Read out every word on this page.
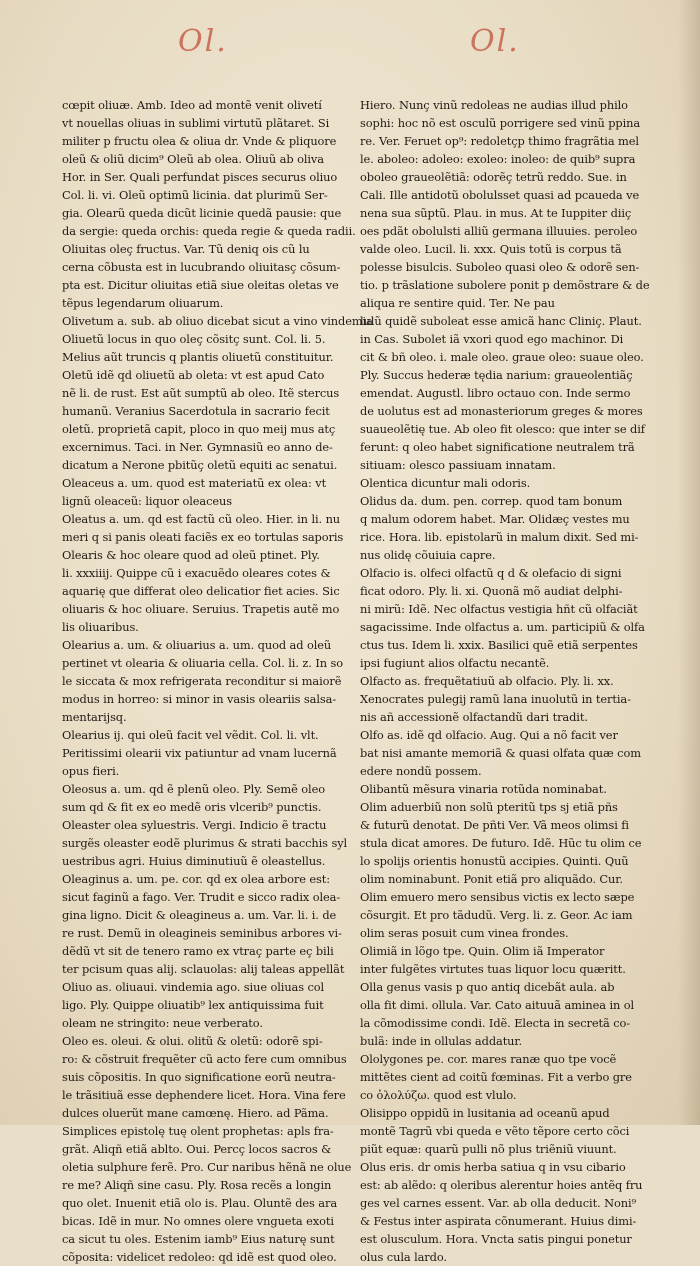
Ol.	Ol.
cœpit oliuæ. Amb. Ideo ad montẽ venit olivetí
vt nouellas oliuas in sublimi virtutũ plãtaret. Si
militer p fructu olea & oliua dr. Vnde & pliquore
oleũ & oliũ dicim⁹ Oleũ ab olea. Oliuũ ab oliva
Hor. in Ser. Quali perfundat pisces securus oliuo
Col. li. vi. Oleũ optimũ licinia. dat plurimũ Ser-
gia. Olearũ queda dicũt licinie quedã pausie: que
da sergie: queda orchis: queda regie & queda radii.
Oliuitas oleç fructus. Var. Tũ deniq ois cũ lu
cerna cõbusta est in lucubrando oliuitasç cõsum-
pta est. Dicitur oliuitas etiã siue oleitas oletas ve
tẽpus legendarum oliuarum.
Olivetum a. sub. ab oliuo dicebat sicut a vino vindemia
Oliuetũ locus in quo oleç cõsitç sunt. Col. li. 5.
Melius aũt truncis q plantis oliuetũ constituitur.
Oletũ idẽ qd oliuetũ ab oleta: vt est apud Cato
nẽ li. de rust. Est aũt sumptũ ab oleo. Itẽ stercus
humanũ. Veranius Sacerdotula in sacrario fecit
oletũ. proprietã capit, ploco in quo meij mus atç
excernimus. Taci. in Ner. Gymnasiũ eo anno de-
dicatum a Nerone pbitũç oletũ equiti ac senatui.
Oleaceus a. um. quod est materiatũ ex olea: vt
lignũ oleaceũ: liquor oleaceus
Oleatus a. um. qd est factũ cũ oleo. Hier. in li. nu
meri q si panis oleati faciẽs ex eo tortulas saporis
Olearis & hoc oleare quod ad oleũ ptinet. Ply.
li. xxxiiij. Quippe cũ i exacuẽdo oleares cotes &
aquarię que differat oleo delicatior fiet acies. Sic
oliuaris & hoc oliuare. Seruius. Trapetis autẽ mo
lis oliuaribus.
Olearius a. um. & oliuarius a. um. quod ad oleũ
pertinet vt olearia & oliuaria cella. Col. li. z. In so
le siccata & mox refrigerata reconditur si maiorẽ
modus in horreo: si minor in vasis oleariis salsa-
mentarijsq.
Olearius ij. qui oleũ facit vel vẽdit. Col. li. vlt.
Peritissimi olearii vix patiuntur ad vnam lucernã
opus fieri.
Oleosus a. um. qd ẽ plenũ oleo. Ply. Semẽ oleo
sum qd & fit ex eo medẽ oris vlcerib⁹ punctis.
Oleaster olea syluestris. Vergi. Indicio ẽ tractu
surgẽs oleaster eodẽ plurimus & strati bacchis syl
uestribus agri. Huius diminutiuũ ẽ oleastellus.
Oleaginus a. um. pe. cor. qd ex olea arbore est:
sicut faginũ a fago. Ver. Trudit e sicco radix olea-
gina ligno. Dicit & oleagineus a. um. Var. li. i. de
re rust. Demũ in oleagineis seminibus arbores vi-
dẽdũ vt sit de tenero ramo ex vtraç parte eç bili
ter pcisum quas alij. sclauolas: alij taleas appellãt
Oliuo as. oliuaui. vindemia ago. siue oliuas col
ligo. Ply. Quippe oliuatib⁹ lex antiquissima fuit
oleam ne stringito: neue verberato.
Oleo es. oleui. & olui. olitũ & oletũ: odorẽ spi-
ro: & cõstruit frequẽter cũ acto fere cum omnibus
suis cõpositis. In quo significatione eorũ neutra-
le trãsitiuã esse dephendere licet. Hora. Vina fere
dulces oluerũt mane camœnę. Hiero. ad Pãma.
Simplices epistolę tuę olent prophetas: apls fra-
grãt. Aliqñ etiã ablto. Oui. Percç locos sacros &
oletia sulphure ferẽ. Pro. Cur naribus hẽnã ne olue
re me? Aliqñ sine casu. Ply. Rosa recẽs a longin
quo olet. Inuenit etiã olo is. Plau. Oluntẽ des ara
bicas. Idẽ in mur. No omnes olere vngueta exoti
ca sicut tu oles. Estenim iamb⁹ Eius naturę sunt
cõposita: videlicet redoleo: qd idẽ est quod oleo.
Hiero. Nunç vinũ redoleas ne audias illud philo
sophi: hoc nõ est osculũ porrigere sed vinũ ppina
re. Ver. Feruet op⁹: redoletçp thimo fragrãtia mel
le. aboleo: adoleo: exoleo: inoleo: de quib⁹ supra
oboleo graueolẽtiã: odorẽç tetrũ reddo. Sue. in
Cali. Ille antidotũ obolulsset quasi ad pcaueda ve
nena sua sũptũ. Plau. in mus. At te Iuppiter diiç
oes pdãt obolulsti alliũ germana illuuies. peroleo
valde oleo. Lucil. li. xxx. Quis totũ is corpus tã
polesse bisulcis. Suboleo quasi oleo & odorẽ sen-
tio. p trãslatione subolere ponit p demõstrare & de
aliqua re sentire quid. Ter. Ne pau
lulũ quidẽ suboleat esse amicã hanc Cliniç. Plaut.
in Cas. Subolet iã vxori quod ego machinor. Di
cit & bñ oleo. i. male oleo. graue oleo: suaue oleo.
Ply. Succus hederæ tędia narium: graueolentiãç
emendat. Augustl. libro octauo con. Inde sermo
de uolutus est ad monasteriorum greges & mores
suaueolẽtię tue. Ab oleo fit olesco: que inter se dif
ferunt: q oleo habet significatione neutralem trã
sitiuam: olesco passiuam innatam.
Olentica dicuntur mali odoris.
Olidus da. dum. pen. correp. quod tam bonum
q malum odorem habet. Mar. Olidæç vestes mu
rice. Hora. lib. epistolarũ in malum dixit. Sed mi-
nus olidę cõuiuia capre.
Olfacio is. olfeci olfactũ q d & olefacio di signi
ficat odoro. Ply. li. xi. Quonã mõ audiat delphi-
ni mirũ: Idẽ. Nec olfactus vestigia hñt cũ olfaciãt
sagacissime. Inde olfactus a. um. participiũ & olfa
ctus tus. Idem li. xxix. Basilici quẽ etiã serpentes
ipsi fugiunt alios olfactu necantẽ.
Olfacto as. frequẽtatiuũ ab olfacio. Ply. li. xx.
Xenocrates pulegij ramũ lana inuolutũ in tertia-
nis añ accessionẽ olfactandũ dari tradit.
Olfo as. idẽ qd olfacio. Aug. Qui a nõ facit ver
bat nisi amante memoriã & quasi olfata quæ com
edere nondũ possem.
Olibantũ mẽsura vinaria rotũda nominabat.
Olim aduerbiũ non solũ pteritũ tps sj etiã pñs
& futurũ denotat. De pñti Ver. Vã meos olimsi fi
stula dicat amores. De futuro. Idẽ. Hũc tu olim ce
lo spolijs orientis honustũ accipies. Quinti. Quũ
olim nominabunt. Ponit etiã pro aliquãdo. Cur.
Olim emuero mero sensibus victis ex lecto sæpe
cõsurgit. Et pro tãdudũ. Verg. li. z. Geor. Ac iam
olim seras posuit cum vinea frondes.
Olimiã in lõgo tpe. Quin. Olim iã Imperator
inter fulgẽtes virtutes tuas liquor locu quæritt.
Olla genus vasis p quo antiq dicebãt aula. ab
olla fit dimi. ollula. Var. Cato aituuã aminea in ol
la cõmodissime condi. Idẽ. Electa in secretã co-
bulã: inde in ollulas addatur.
Ololygones pe. cor. mares ranæ quo tpe vocẽ
mittẽtes cient ad coitũ fœminas. Fit a verbo gre
co ὀλολύζω. quod est vlulo.
Olisippo oppidũ in lusitania ad oceanũ apud
montẽ Tagrũ vbi queda e vẽto tẽpore certo cõci
piũt equæ: quarũ pulli nõ plus triẽniũ viuunt.
Olus eris. dr omis herba satiua q in vsu cibario
est: ab alẽdo: q oleribus alerentur hoies antẽq fru
ges vel carnes essent. Var. ab olla deducit. Noni⁹
& Festus inter aspirata cõnumerant. Huius dimi-
est olusculum. Hora. Vncta satis pingui ponetur
olus cula lardo.
